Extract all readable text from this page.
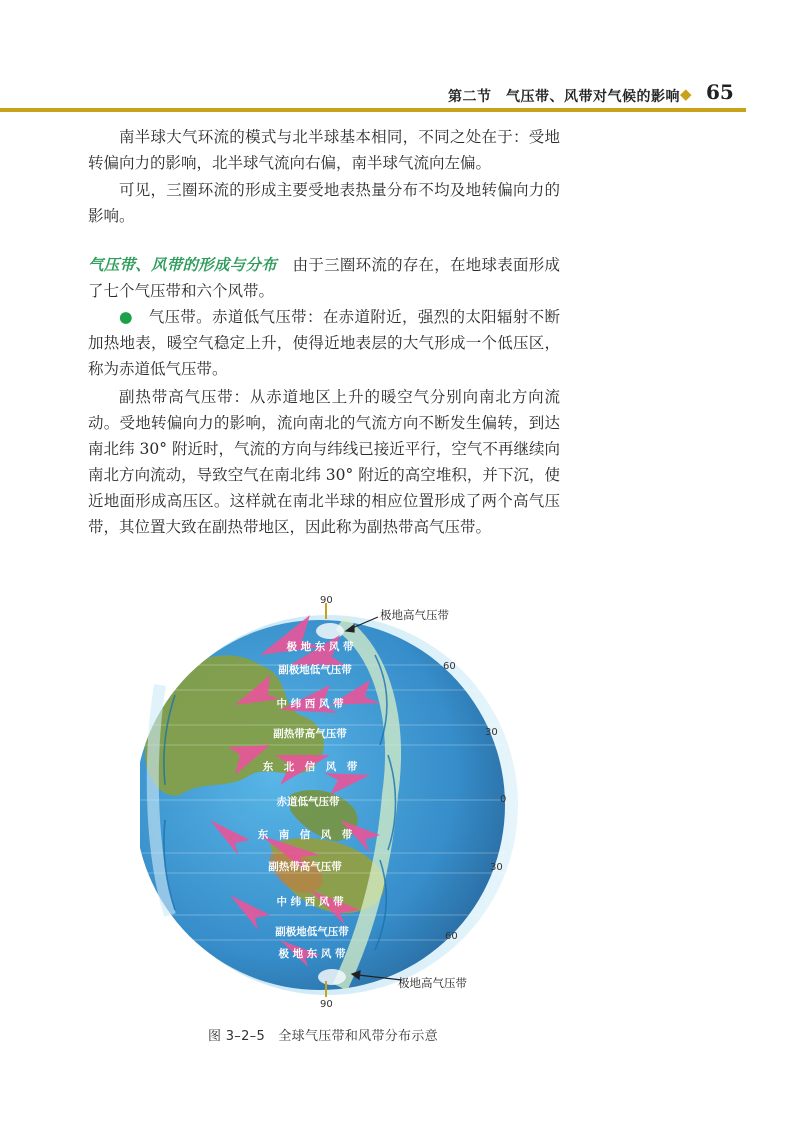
第二节　气压带、风带对气候的影响 ◆ 65

南半球大气环流的模式与北半球基本相同，不同之处在于：受地转偏向力的影响，北半球气流向右偏，南半球气流向左偏。

可见，三圈环流的形成主要受地表热量分布不均及地转偏向力的影响。

气压带、风带的形成与分布　由于三圈环流的存在，在地球表面形成了七个气压带和六个风带。

●　气压带。赤道低气压带：在赤道附近，强烈的太阳辐射不断加热地表，暖空气稳定上升，使得近地表层的大气形成一个低压区，称为赤道低气压带。

副热带高气压带：从赤道地区上升的暖空气分别向南北方向流动。受地转偏向力的影响，流向南北的气流方向不断发生偏转，到达南北纬 30° 附近时，气流的方向与纬线已接近平行，空气不再继续向南北方向流动，导致空气在南北纬 30° 附近的高空堆积，并下沉，使近地面形成高压区。这样就在南北半球的相应位置形成了两个高气压带，其位置大致在副热带地区，因此称为副热带高气压带。

极 地 东 风 带
副极地低气压带
中 纬 西 风 带
副热带高气压带
东　北　信　风　带
赤道低气压带
东　南　信　风　带
副热带高气压带
中 纬 西 风 带
副极地低气压带
极 地 东 风 带
90
90
60
30
0
30
60
极地高气压带
极地高气压带
图 3–2–5　全球气压带和风带分布示意
